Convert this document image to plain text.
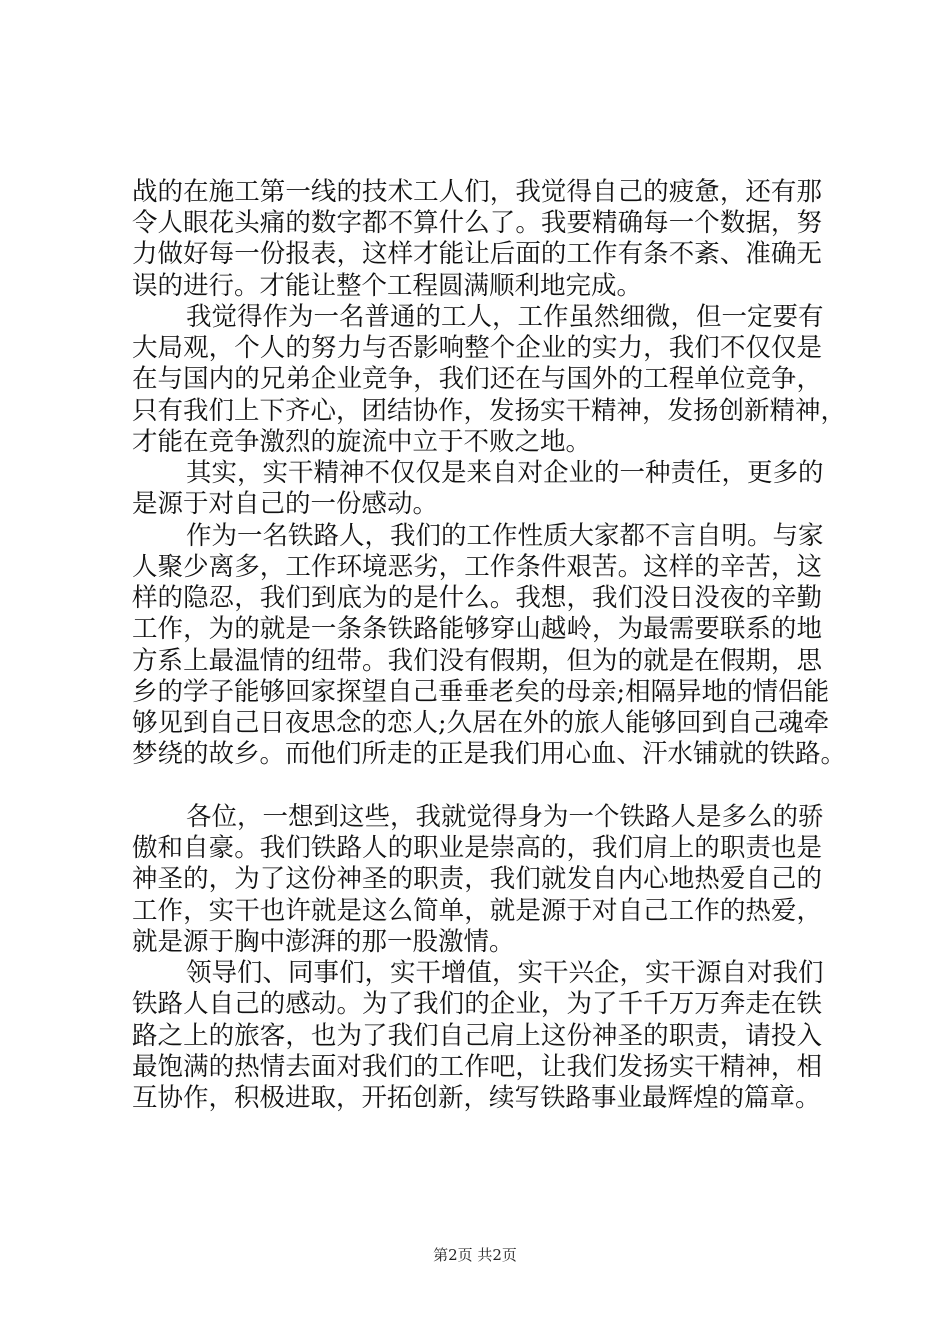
战的在施工第一线的技术工人们，我觉得自己的疲惫，还有那
令人眼花头痛的数字都不算什么了。我要精确每一个数据，努
力做好每一份报表，这样才能让后面的工作有条不紊、准确无
误的进行。才能让整个工程圆满顺利地完成。
我觉得作为一名普通的工人，工作虽然细微，但一定要有
大局观，个人的努力与否影响整个企业的实力，我们不仅仅是
在与国内的兄弟企业竞争，我们还在与国外的工程单位竞争，
只有我们上下齐心，团结协作，发扬实干精神，发扬创新精神，
才能在竞争激烈的旋流中立于不败之地。
其实，实干精神不仅仅是来自对企业的一种责任，更多的
是源于对自己的一份感动。
作为一名铁路人，我们的工作性质大家都不言自明。与家
人聚少离多，工作环境恶劣，工作条件艰苦。这样的辛苦，这
样的隐忍，我们到底为的是什么。我想，我们没日没夜的辛勤
工作，为的就是一条条铁路能够穿山越岭，为最需要联系的地
方系上最温情的纽带。我们没有假期，但为的就是在假期，思
乡的学子能够回家探望自己垂垂老矣的母亲;相隔异地的情侣能
够见到自己日夜思念的恋人;久居在外的旅人能够回到自己魂牵
梦绕的故乡。而他们所走的正是我们用心血、汗水铺就的铁路。
各位，一想到这些，我就觉得身为一个铁路人是多么的骄
傲和自豪。我们铁路人的职业是崇高的，我们肩上的职责也是
神圣的，为了这份神圣的职责，我们就发自内心地热爱自己的
工作，实干也许就是这么简单，就是源于对自己工作的热爱，
就是源于胸中澎湃的那一股激情。
领导们、同事们，实干增值，实干兴企，实干源自对我们
铁路人自己的感动。为了我们的企业，为了千千万万奔走在铁
路之上的旅客，也为了我们自己肩上这份神圣的职责，请投入
最饱满的热情去面对我们的工作吧，让我们发扬实干精神，相
互协作，积极进取，开拓创新，续写铁路事业最辉煌的篇章。
第2页 共2页
